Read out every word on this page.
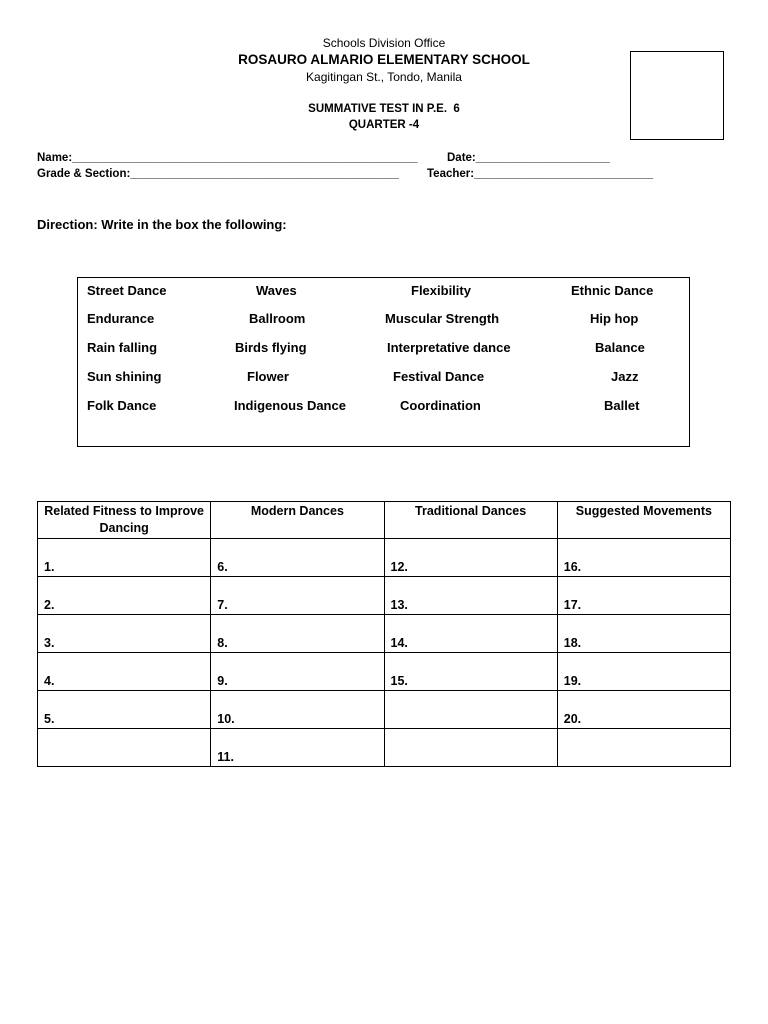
Schools Division Office
ROSAURO ALMARIO ELEMENTARY SCHOOL
Kagitingan St., Tondo, Manila
SUMMATIVE TEST IN P.E.  6
QUARTER -4
Name:______________________________________________________	Date:_____________________
Grade & Section:__________________________________________ Teacher:____________________________
Direction: Write in the box the following:
Street Dance	Waves	Flexibility	Ethnic Dance
Endurance	Ballroom	Muscular Strength	Hip hop
Rain falling	Birds flying	Interpretative dance	Balance
Sun shining	Flower	Festival Dance	Jazz
Folk Dance	Indigenous Dance	Coordination	Ballet
Related Fitness to Improve Dancing	Modern Dances	Traditional Dances	Suggested Movements
1.	6.	12.	16.
2.	7.	13.	17.
3.	8.	14.	18.
4.	9.	15.	19.
5.	10.		20.
	11.		
